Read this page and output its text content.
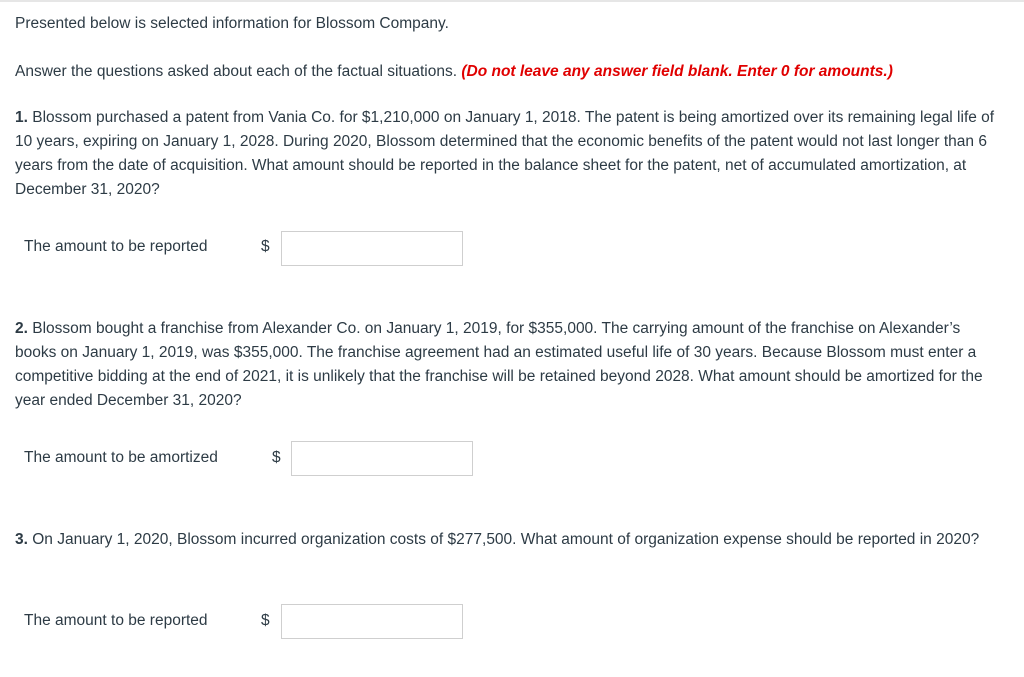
Presented below is selected information for Blossom Company.

Answer the questions asked about each of the factual situations. (Do not leave any answer field blank. Enter 0 for amounts.)

1. Blossom purchased a patent from Vania Co. for $1,210,000 on January 1, 2018. The patent is being amortized over its remaining legal life of 10 years, expiring on January 1, 2028. During 2020, Blossom determined that the economic benefits of the patent would not last longer than 6 years from the date of acquisition. What amount should be reported in the balance sheet for the patent, net of accumulated amortization, at December 31, 2020?

The amount to be reported	$

2. Blossom bought a franchise from Alexander Co. on January 1, 2019, for $355,000. The carrying amount of the franchise on Alexander’s books on January 1, 2019, was $355,000. The franchise agreement had an estimated useful life of 30 years. Because Blossom must enter a competitive bidding at the end of 2021, it is unlikely that the franchise will be retained beyond 2028. What amount should be amortized for the year ended December 31, 2020?

The amount to be amortized	$

3. On January 1, 2020, Blossom incurred organization costs of $277,500. What amount of organization expense should be reported in 2020?

The amount to be reported	$
